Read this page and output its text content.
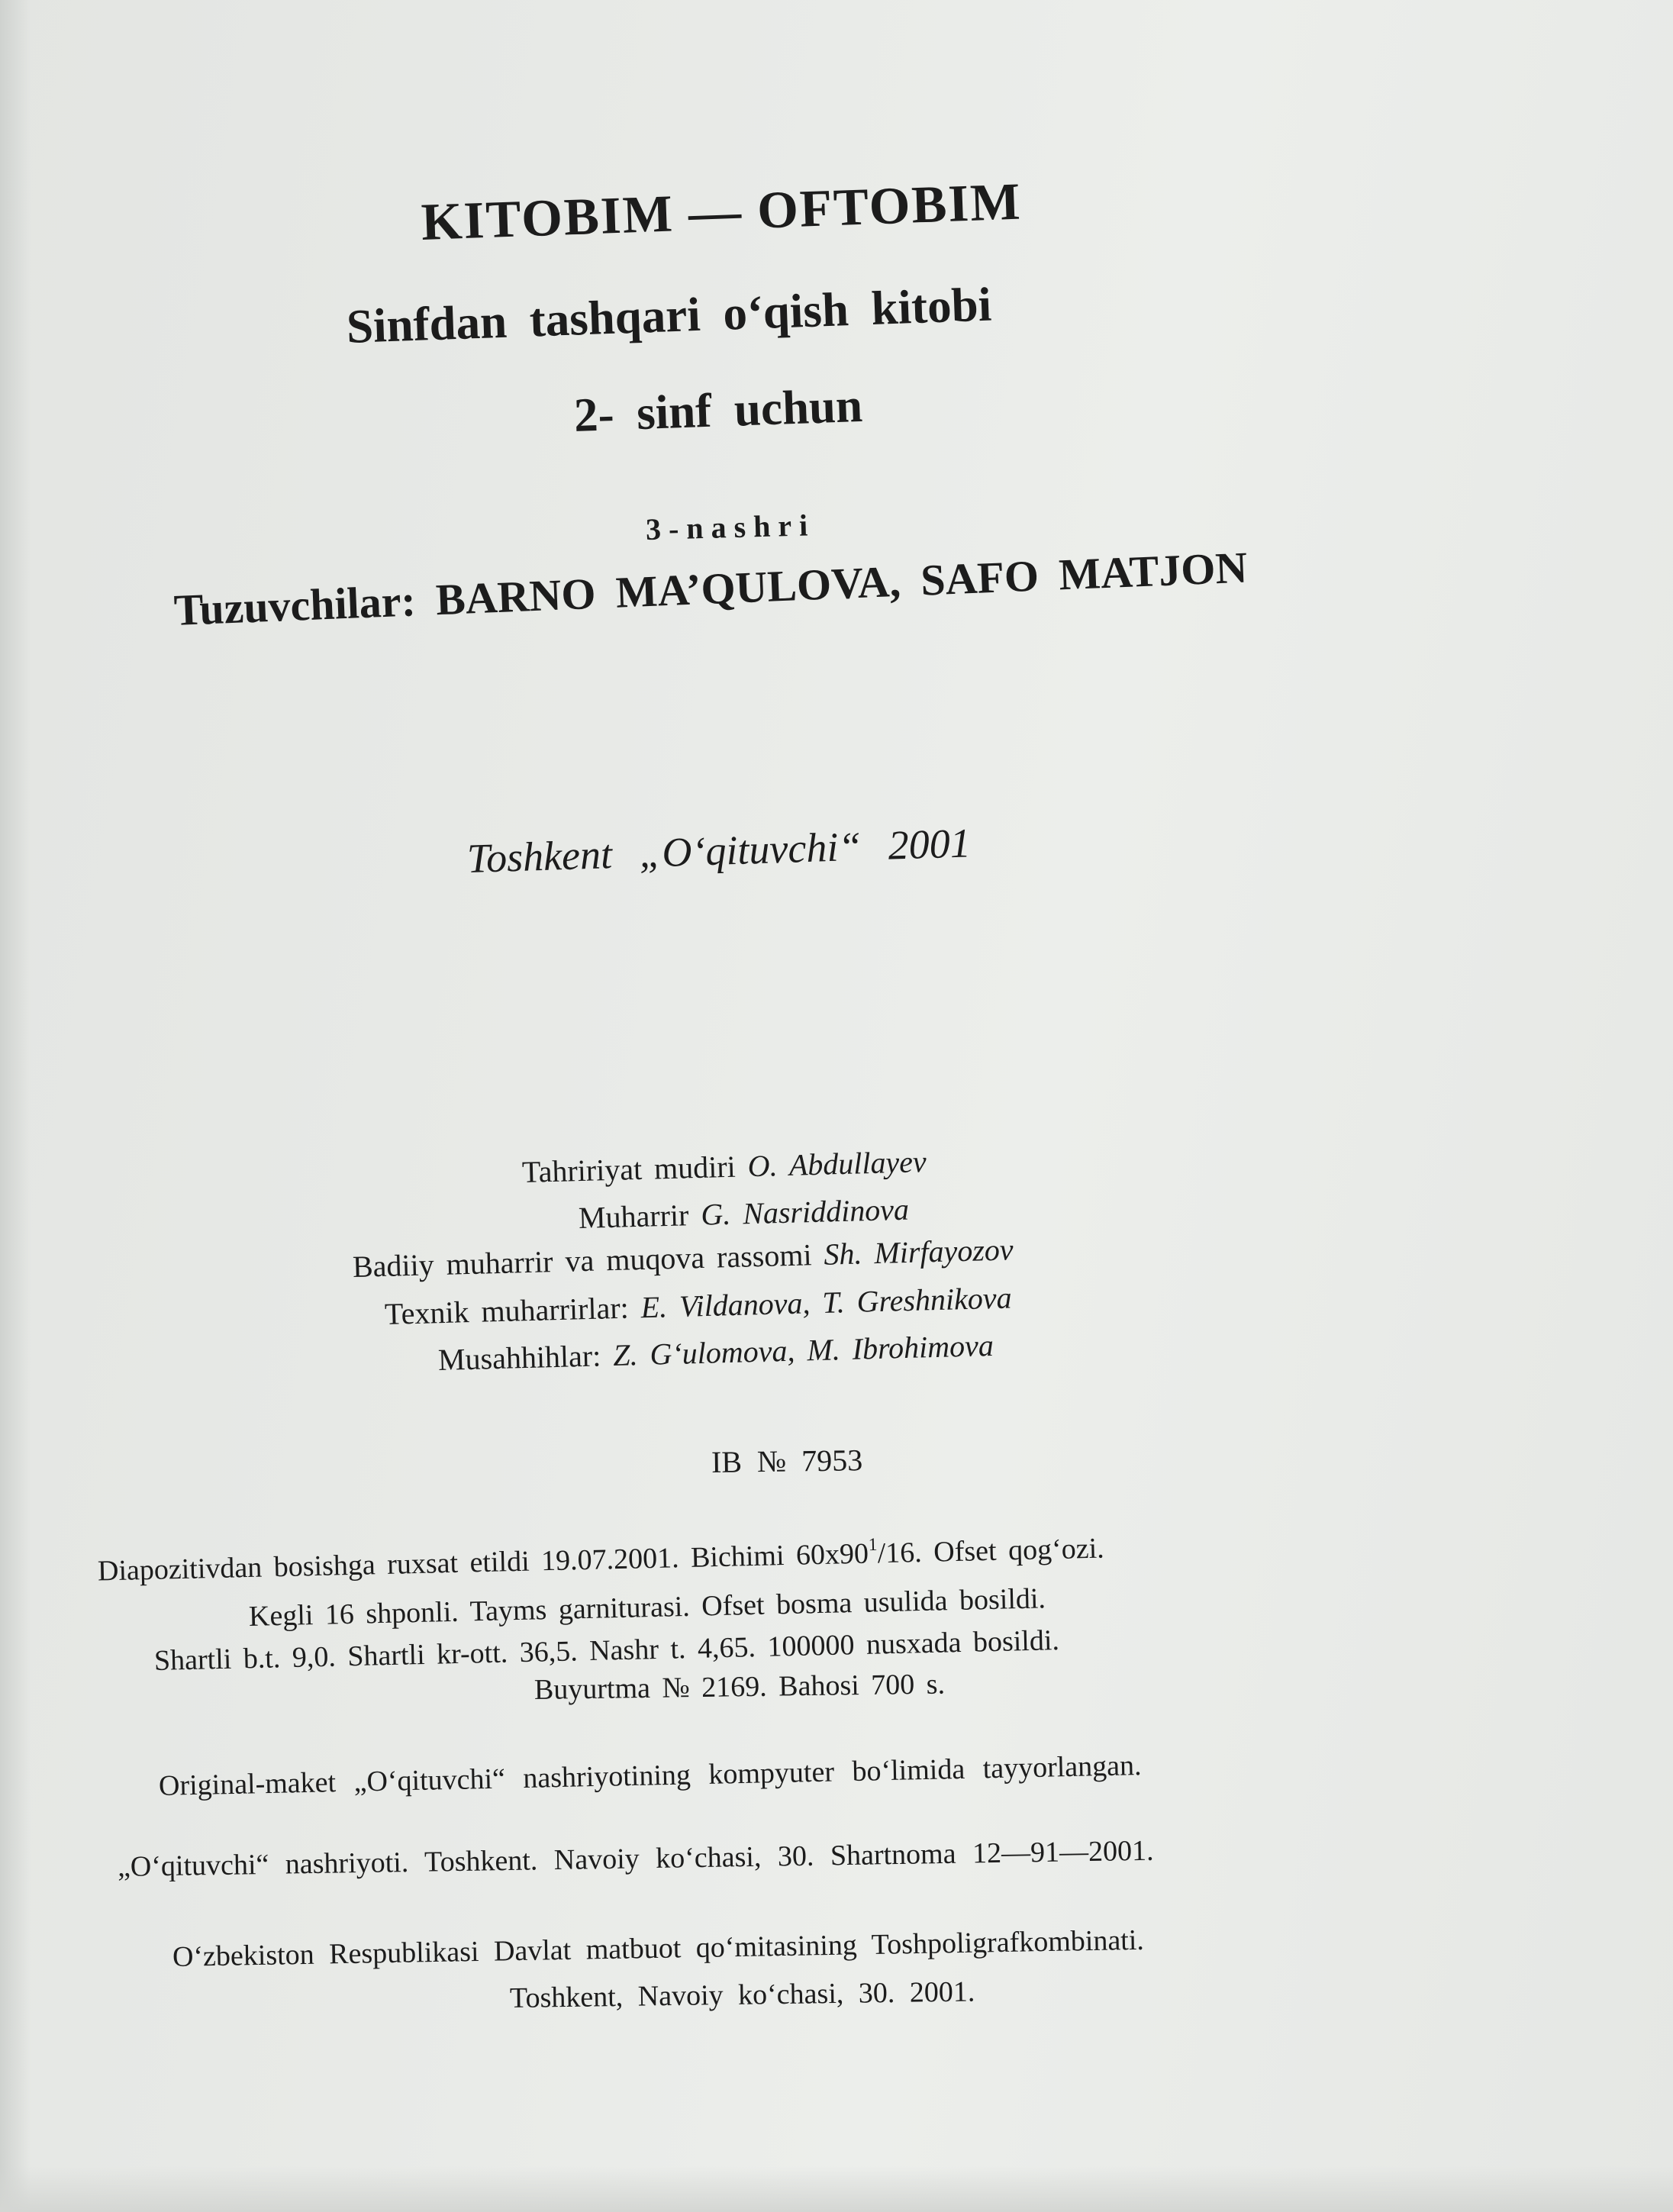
KITOBIM — OFTOBIM
Sinfdan tashqari o‘qish kitobi
2- sinf uchun
3-nashri
Tuzuvchilar: BARNO MA’QULOVA, SAFO MATJON
Toshkent „O‘qituvchi“ 2001
Tahririyat mudiri O. Abdullayev
Muharrir G. Nasriddinova
Badiiy muharrir va muqova rassomi Sh. Mirfayozov
Texnik muharrirlar: E. Vildanova, T. Greshnikova
Musahhihlar: Z. G‘ulomova, M. Ibrohimova
IB № 7953
Diapozitivdan bosishga ruxsat etildi 19.07.2001. Bichimi $60x90^1/16$. Ofset qog‘ozi.
Kegli 16 shponli. Tayms garniturasi. Ofset bosma usulida bosildi.
Shartli b.t. 9,0. Shartli kr-ott. 36,5. Nashr t. 4,65. 100000 nusxada bosildi.
Buyurtma № 2169. Bahosi 700 s.
Original-maket „O‘qituvchi“ nashriyotining kompyuter bo‘limida tayyorlangan.
„O‘qituvchi“ nashriyoti. Toshkent. Navoiy ko‘chasi, 30. Shartnoma 12—91—2001.
O‘zbekiston Respublikasi Davlat matbuot qo‘mitasining Toshpoligrafkombinati.
Toshkent, Navoiy ko‘chasi, 30. 2001.
